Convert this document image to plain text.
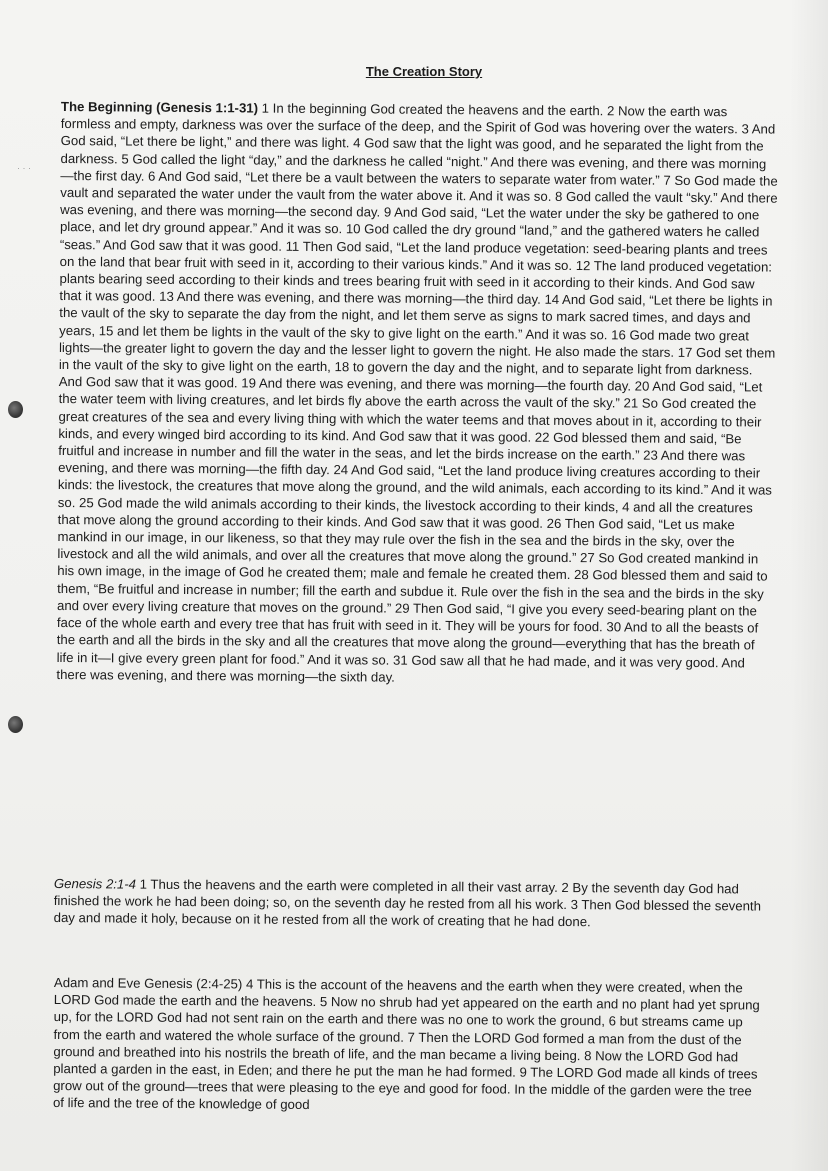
· · ·
The Creation Story

The Beginning (Genesis 1:1-31) 1 In the beginning God created the heavens and the earth. 2 Now the earth was formless and empty, darkness was over the surface of the deep, and the Spirit of God was hovering over the waters. 3 And God said, “Let there be light,” and there was light. 4 God saw that the light was good, and he separated the light from the darkness. 5 God called the light “day,” and the darkness he called “night.” And there was evening, and there was morning—the first day. 6 And God said, “Let there be a vault between the waters to separate water from water.” 7 So God made the vault and separated the water under the vault from the water above it. And it was so. 8 God called the vault “sky.” And there was evening, and there was morning—the second day. 9 And God said, “Let the water under the sky be gathered to one place, and let dry ground appear.” And it was so. 10 God called the dry ground “land,” and the gathered waters he called “seas.” And God saw that it was good. 11 Then God said, “Let the land produce vegetation: seed-bearing plants and trees on the land that bear fruit with seed in it, according to their various kinds.” And it was so. 12 The land produced vegetation: plants bearing seed according to their kinds and trees bearing fruit with seed in it according to their kinds. And God saw that it was good. 13 And there was evening, and there was morning—the third day. 14 And God said, “Let there be lights in the vault of the sky to separate the day from the night, and let them serve as signs to mark sacred times, and days and years, 15 and let them be lights in the vault of the sky to give light on the earth.” And it was so. 16 God made two great lights—the greater light to govern the day and the lesser light to govern the night. He also made the stars. 17 God set them in the vault of the sky to give light on the earth, 18 to govern the day and the night, and to separate light from darkness. And God saw that it was good. 19 And there was evening, and there was morning—the fourth day. 20 And God said, “Let the water teem with living creatures, and let birds fly above the earth across the vault of the sky.” 21 So God created the great creatures of the sea and every living thing with which the water teems and that moves about in it, according to their kinds, and every winged bird according to its kind. And God saw that it was good. 22 God blessed them and said, “Be fruitful and increase in number and fill the water in the seas, and let the birds increase on the earth.” 23 And there was evening, and there was morning—the fifth day. 24 And God said, “Let the land produce living creatures according to their kinds: the livestock, the creatures that move along the ground, and the wild animals, each according to its kind.” And it was so. 25 God made the wild animals according to their kinds, the livestock according to their kinds, 4 and all the creatures that move along the ground according to their kinds. And God saw that it was good. 26 Then God said, “Let us make mankind in our image, in our likeness, so that they may rule over the fish in the sea and the birds in the sky, over the livestock and all the wild animals, and over all the creatures that move along the ground.” 27 So God created mankind in his own image, in the image of God he created them; male and female he created them. 28 God blessed them and said to them, “Be fruitful and increase in number; fill the earth and subdue it. Rule over the fish in the sea and the birds in the sky and over every living creature that moves on the ground.” 29 Then God said, “I give you every seed-bearing plant on the face of the whole earth and every tree that has fruit with seed in it. They will be yours for food. 30 And to all the beasts of the earth and all the birds in the sky and all the creatures that move along the ground—everything that has the breath of life in it—I give every green plant for food.” And it was so. 31 God saw all that he had made, and it was very good. And there was evening, and there was morning—the sixth day.

Genesis 2:1-4 1 Thus the heavens and the earth were completed in all their vast array. 2 By the seventh day God had finished the work he had been doing; so, on the seventh day he rested from all his work. 3 Then God blessed the seventh day and made it holy, because on it he rested from all the work of creating that he had done.

Adam and Eve Genesis (2:4-25) 4 This is the account of the heavens and the earth when they were created, when the LORD God made the earth and the heavens. 5 Now no shrub had yet appeared on the earth and no plant had yet sprung up, for the LORD God had not sent rain on the earth and there was no one to work the ground, 6 but streams came up from the earth and watered the whole surface of the ground. 7 Then the LORD God formed a man from the dust of the ground and breathed into his nostrils the breath of life, and the man became a living being. 8 Now the LORD God had planted a garden in the east, in Eden; and there he put the man he had formed. 9 The LORD God made all kinds of trees grow out of the ground—trees that were pleasing to the eye and good for food. In the middle of the garden were the tree of life and the tree of the knowledge of good
